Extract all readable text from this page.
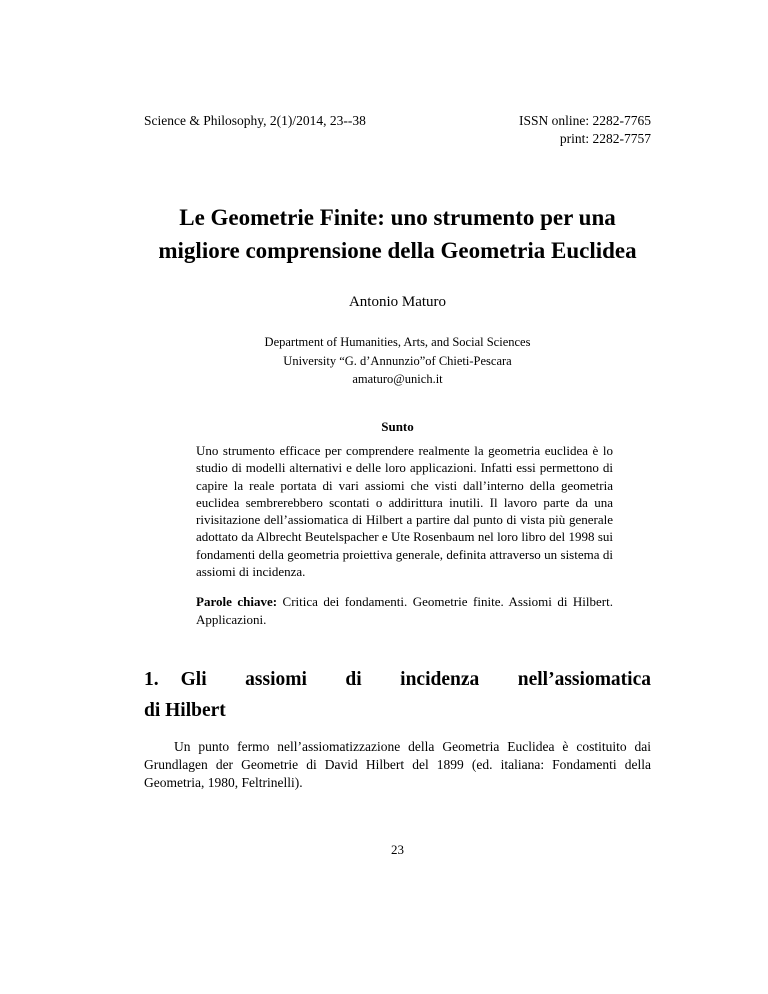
Science & Philosophy, 2(1)/2014, 23--38	ISSN online: 2282-7765
print: 2282-7757
Le Geometrie Finite: uno strumento per una migliore comprensione della Geometria Euclidea
Antonio Maturo
Department of Humanities, Arts, and Social Sciences
University “G. d’Annunzio”of Chieti-Pescara
amaturo@unich.it
Sunto
Uno strumento efficace per comprendere realmente la geometria euclidea è lo studio di modelli alternativi e delle loro applicazioni. Infatti essi permettono di capire la reale portata di vari assiomi che visti dall’interno della geometria euclidea sembrerebbero scontati o addirittura inutili. Il lavoro parte da una rivisitazione dell’assiomatica di Hilbert a partire dal punto di vista più generale adottato da Albrecht Beutelspacher e Ute Rosenbaum nel loro libro del 1998 sui fondamenti della geometria proiettiva generale, definita attraverso un sistema di assiomi di incidenza.
Parole chiave: Critica dei fondamenti. Geometrie finite. Assiomi di Hilbert. Applicazioni.
1. Gli assiomi di incidenza nell’assiomatica
di Hilbert
Un punto fermo nell’assiomatizzazione della Geometria Euclidea è costituito dai Grundlagen der Geometrie di David Hilbert del 1899 (ed. italiana: Fondamenti della Geometria, 1980, Feltrinelli).
23
